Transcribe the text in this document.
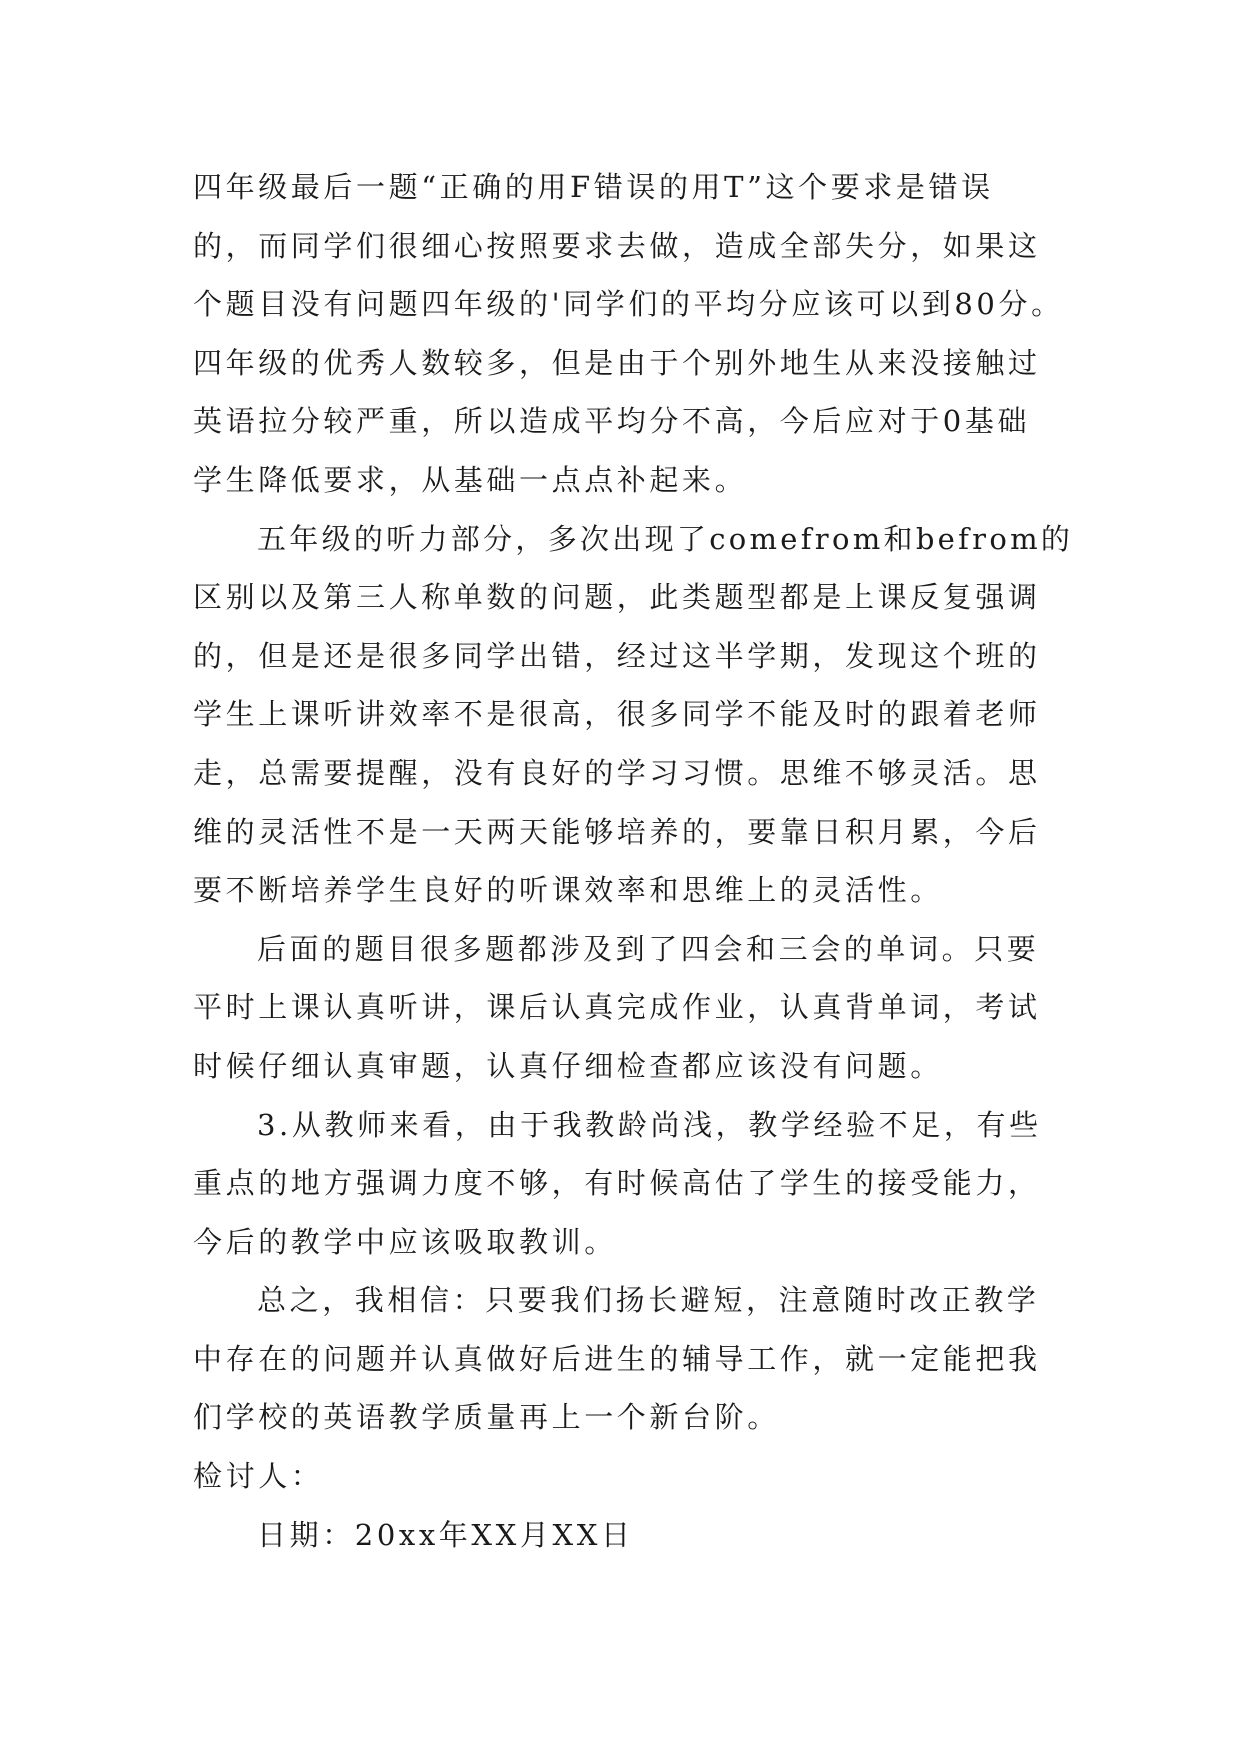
四年级最后一题“正确的用F错误的用T”这个要求是错误
的，而同学们很细心按照要求去做，造成全部失分，如果这
个题目没有问题四年级的'同学们的平均分应该可以到80分。
四年级的优秀人数较多，但是由于个别外地生从来没接触过
英语拉分较严重，所以造成平均分不高，今后应对于0基础
学生降低要求，从基础一点点补起来。
五年级的听力部分，多次出现了comefrom和befrom的
区别以及第三人称单数的问题，此类题型都是上课反复强调
的，但是还是很多同学出错，经过这半学期，发现这个班的
学生上课听讲效率不是很高，很多同学不能及时的跟着老师
走，总需要提醒，没有良好的学习习惯。思维不够灵活。思
维的灵活性不是一天两天能够培养的，要靠日积月累，今后
要不断培养学生良好的听课效率和思维上的灵活性。
后面的题目很多题都涉及到了四会和三会的单词。只要
平时上课认真听讲，课后认真完成作业，认真背单词，考试
时候仔细认真审题，认真仔细检查都应该没有问题。
3.从教师来看，由于我教龄尚浅，教学经验不足，有些
重点的地方强调力度不够，有时候高估了学生的接受能力，
今后的教学中应该吸取教训。
总之，我相信：只要我们扬长避短，注意随时改正教学
中存在的问题并认真做好后进生的辅导工作，就一定能把我
们学校的英语教学质量再上一个新台阶。
检讨人：
日期：20xx年XX月XX日
